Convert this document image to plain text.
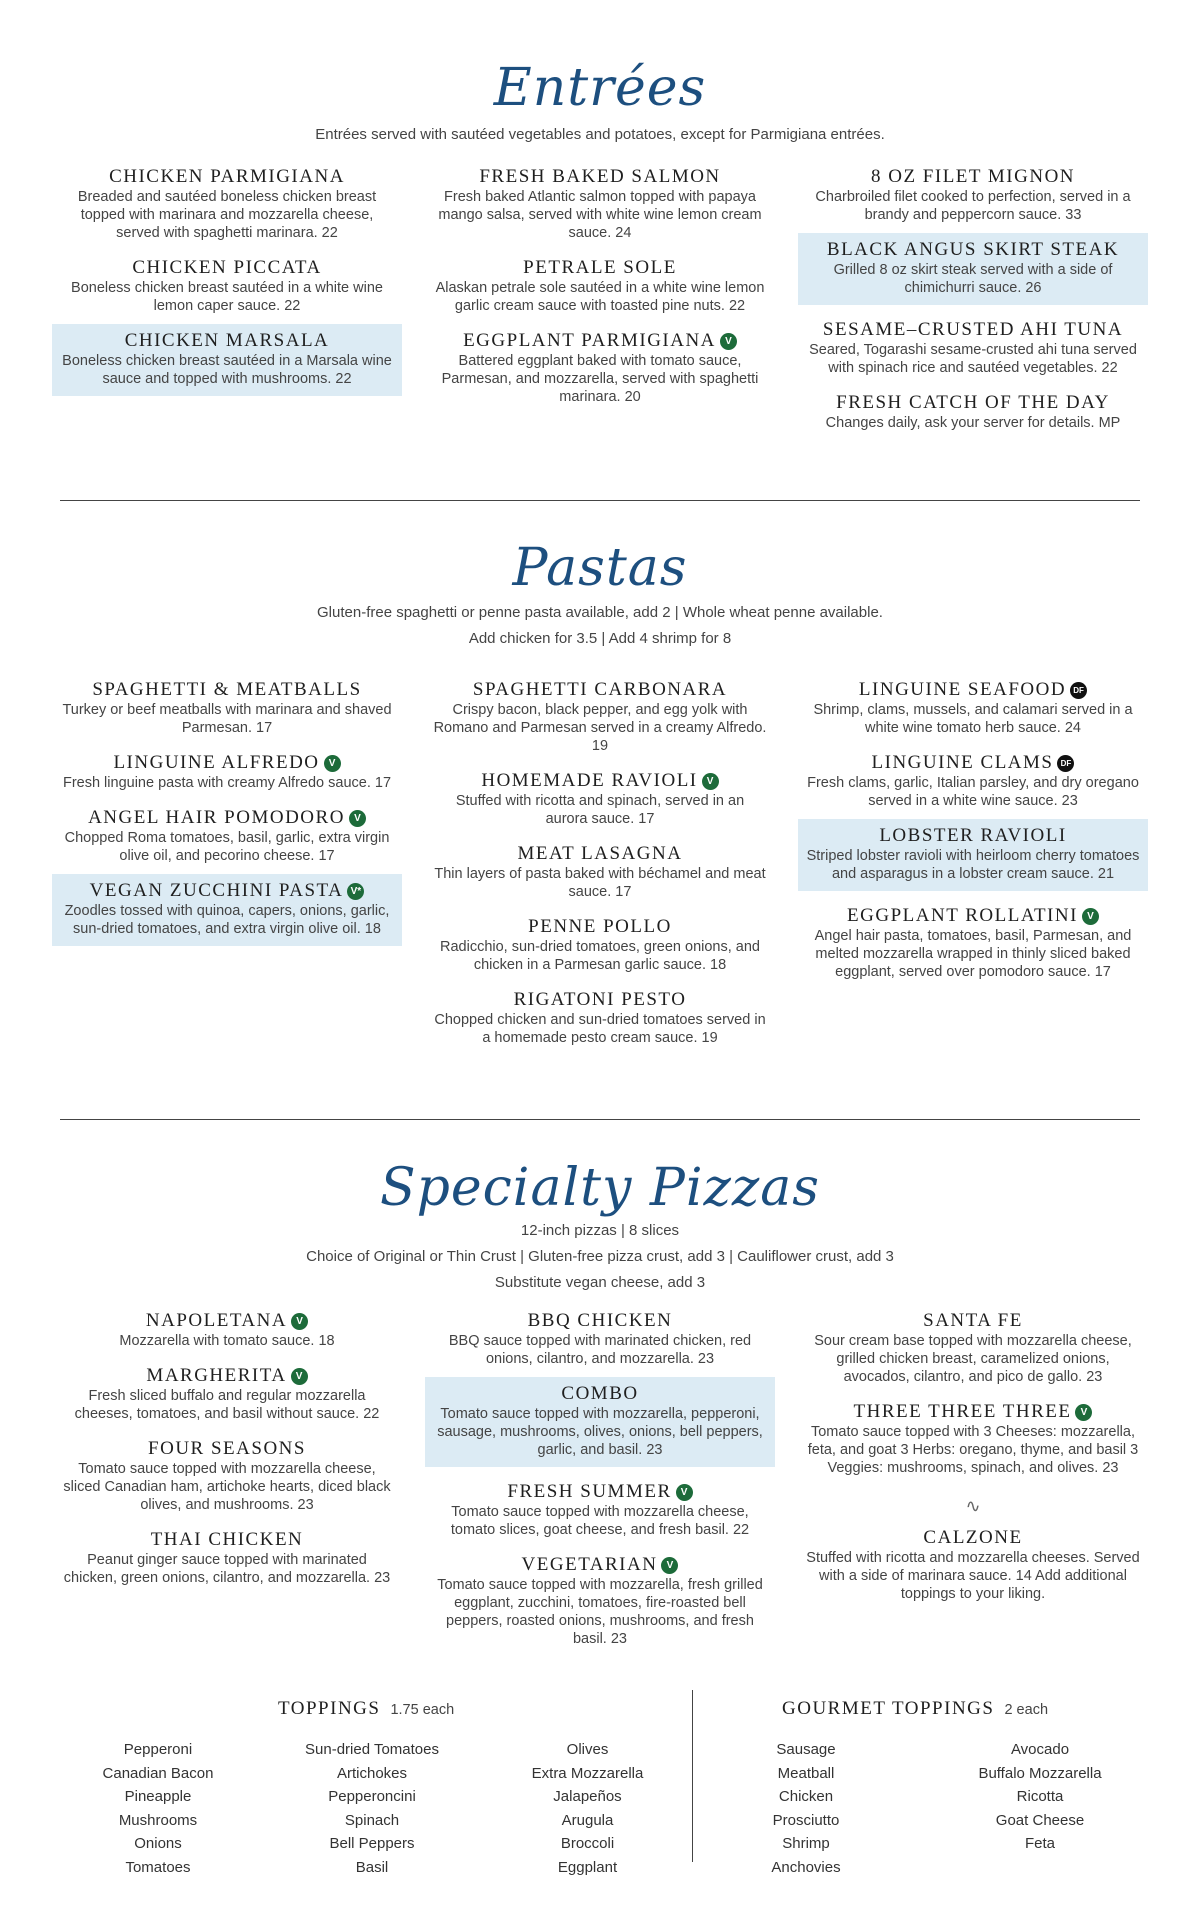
Entrées

Entrées served with sautéed vegetables and potatoes, except for Parmigiana entrées.

CHICKEN PARMIGIANA
Breaded and sautéed boneless chicken breast topped with marinara and mozzarella cheese, served with spaghetti marinara. 22
CHICKEN PICCATA
Boneless chicken breast sautéed in a white wine lemon caper sauce. 22
CHICKEN MARSALA
Boneless chicken breast sautéed in a Marsala wine sauce and topped with mushrooms. 22
FRESH BAKED SALMON
Fresh baked Atlantic salmon topped with papaya mango salsa, served with white wine lemon cream sauce. 24
PETRALE SOLE
Alaskan petrale sole sautéed in a white wine lemon garlic cream sauce with toasted pine nuts. 22
EGGPLANT PARMIGIANA V
Battered eggplant baked with tomato sauce, Parmesan, and mozzarella, served with spaghetti marinara. 20
8 OZ FILET MIGNON
Charbroiled filet cooked to perfection, served in a brandy and peppercorn sauce. 33
BLACK ANGUS SKIRT STEAK
Grilled 8 oz skirt steak served with a side of chimichurri sauce. 26
SESAME–CRUSTED AHI TUNA
Seared, Togarashi sesame-crusted ahi tuna served with spinach rice and sautéed vegetables. 22
FRESH CATCH OF THE DAY
Changes daily, ask your server for details. MP
Pastas

Gluten-free spaghetti or penne pasta available, add 2 | Whole wheat penne available.

Add chicken for 3.5 | Add 4 shrimp for 8

SPAGHETTI & MEATBALLS
Turkey or beef meatballs with marinara and shaved Parmesan. 17
LINGUINE ALFREDO V
Fresh linguine pasta with creamy Alfredo sauce. 17
ANGEL HAIR POMODORO V
Chopped Roma tomatoes, basil, garlic, extra virgin olive oil, and pecorino cheese. 17
VEGAN ZUCCHINI PASTA V*
Zoodles tossed with quinoa, capers, onions, garlic, sun-dried tomatoes, and extra virgin olive oil. 18
SPAGHETTI CARBONARA
Crispy bacon, black pepper, and egg yolk with Romano and Parmesan served in a creamy Alfredo. 19
HOMEMADE RAVIOLI V
Stuffed with ricotta and spinach, served in an aurora sauce. 17
MEAT LASAGNA
Thin layers of pasta baked with béchamel and meat sauce. 17
PENNE POLLO
Radicchio, sun-dried tomatoes, green onions, and chicken in a Parmesan garlic sauce. 18
RIGATONI PESTO
Chopped chicken and sun-dried tomatoes served in a homemade pesto cream sauce. 19
LINGUINE SEAFOOD DF
Shrimp, clams, mussels, and calamari served in a white wine tomato herb sauce. 24
LINGUINE CLAMS DF
Fresh clams, garlic, Italian parsley, and dry oregano served in a white wine sauce. 23
LOBSTER RAVIOLI
Striped lobster ravioli with heirloom cherry tomatoes and asparagus in a lobster cream sauce. 21
EGGPLANT ROLLATINI V
Angel hair pasta, tomatoes, basil, Parmesan, and melted mozzarella wrapped in thinly sliced baked eggplant, served over pomodoro sauce. 17
Specialty Pizzas

12-inch pizzas | 8 slices

Choice of Original or Thin Crust | Gluten-free pizza crust, add 3 | Cauliflower crust, add 3

Substitute vegan cheese, add 3

NAPOLETANA V
Mozzarella with tomato sauce. 18
MARGHERITA V
Fresh sliced buffalo and regular mozzarella cheeses, tomatoes, and basil without sauce. 22
FOUR SEASONS
Tomato sauce topped with mozzarella cheese, sliced Canadian ham, artichoke hearts, diced black olives, and mushrooms. 23
THAI CHICKEN
Peanut ginger sauce topped with marinated chicken, green onions, cilantro, and mozzarella. 23
BBQ CHICKEN
BBQ sauce topped with marinated chicken, red onions, cilantro, and mozzarella. 23
COMBO
Tomato sauce topped with mozzarella, pepperoni, sausage, mushrooms, olives, onions, bell peppers, garlic, and basil. 23
FRESH SUMMER V
Tomato sauce topped with mozzarella cheese, tomato slices, goat cheese, and fresh basil. 22
VEGETARIAN V
Tomato sauce topped with mozzarella, fresh grilled eggplant, zucchini, tomatoes, fire-roasted bell peppers, roasted onions, mushrooms, and fresh basil. 23
SANTA FE
Sour cream base topped with mozzarella cheese, grilled chicken breast, caramelized onions, avocados, cilantro, and pico de gallo. 23
THREE THREE THREE V
Tomato sauce topped with 3 Cheeses: mozzarella, feta, and goat 3 Herbs: oregano, thyme, and basil 3 Veggies: mushrooms, spinach, and olives. 23
∿
CALZONE
Stuffed with ricotta and mozzarella cheeses. Served with a side of marinara sauce. 14 Add additional toppings to your liking.
TOPPINGS 1.75 each
Pepperoni
Canadian Bacon
Pineapple
Mushrooms
Onions
Tomatoes
Sun-dried Tomatoes
Artichokes
Pepperoncini
Spinach
Bell Peppers
Basil
Olives
Extra Mozzarella
Jalapeños
Arugula
Broccoli
Eggplant
GOURMET TOPPINGS 2 each
Sausage
Meatball
Chicken
Prosciutto
Shrimp
Anchovies
Avocado
Buffalo Mozzarella
Ricotta
Goat Cheese
Feta
